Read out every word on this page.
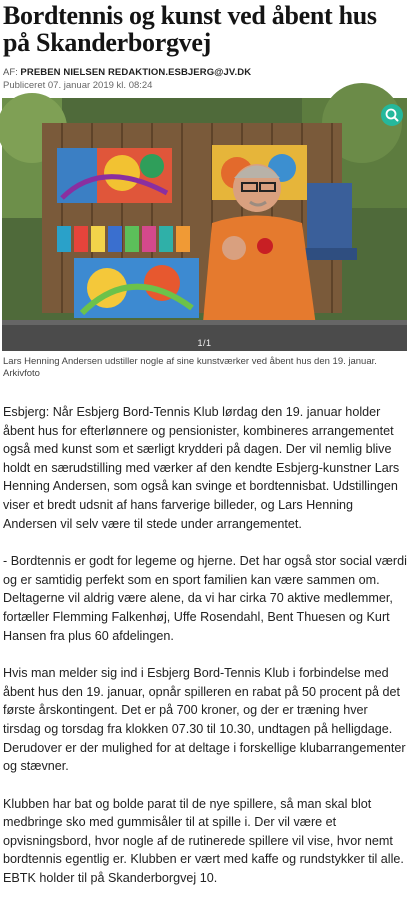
Bordtennis og kunst ved åbent hus på Skanderborgvej
AF: PREBEN NIELSEN REDAKTION.ESBJERG@JV.DK
Publiceret 07. januar 2019 kl. 08:24
1/1

Lars Henning Andersen udstiller nogle af sine kunstværker ved åbent hus den 19. januar. Arkivfoto

Esbjerg: Når Esbjerg Bord-Tennis Klub lørdag den 19. januar holder åbent hus for efterlønnere og pensionister, kombineres arrangementet også med kunst som et særligt krydderi på dagen. Der vil nemlig blive holdt en særudstilling med værker af den kendte Esbjerg-kunstner Lars Henning Andersen, som også kan svinge et bordtennisbat. Udstillingen viser et bredt udsnit af hans farverige billeder, og Lars Henning Andersen vil selv være til stede under arrangementet.

- Bordtennis er godt for legeme og hjerne. Det har også stor social værdi og er samtidig perfekt som en sport familien kan være sammen om. Deltagerne vil aldrig være alene, da vi har cirka 70 aktive medlemmer, fortæller Flemming Falkenhøj, Uffe Rosendahl, Bent Thuesen og Kurt Hansen fra plus 60 afdelingen.

Hvis man melder sig ind i Esbjerg Bord-Tennis Klub i forbindelse med åbent hus den 19. januar, opnår spilleren en rabat på 50 procent på det første årskontingent. Det er på 700 kroner, og der er træning hver tirsdag og torsdag fra klokken 07.30 til 10.30, undtagen på helligdage. Derudover er der mulighed for at deltage i forskellige klubarrangementer og stævner.

Klubben har bat og bolde parat til de nye spillere, så man skal blot medbringe sko med gummisåler til at spille i. Der vil være et opvisningsbord, hvor nogle af de rutinerede spillere vil vise, hvor nemt bordtennis egentlig er. Klubben er vært med kaffe og rundstykker til alle. EBTK holder til på Skanderborgvej 10.
